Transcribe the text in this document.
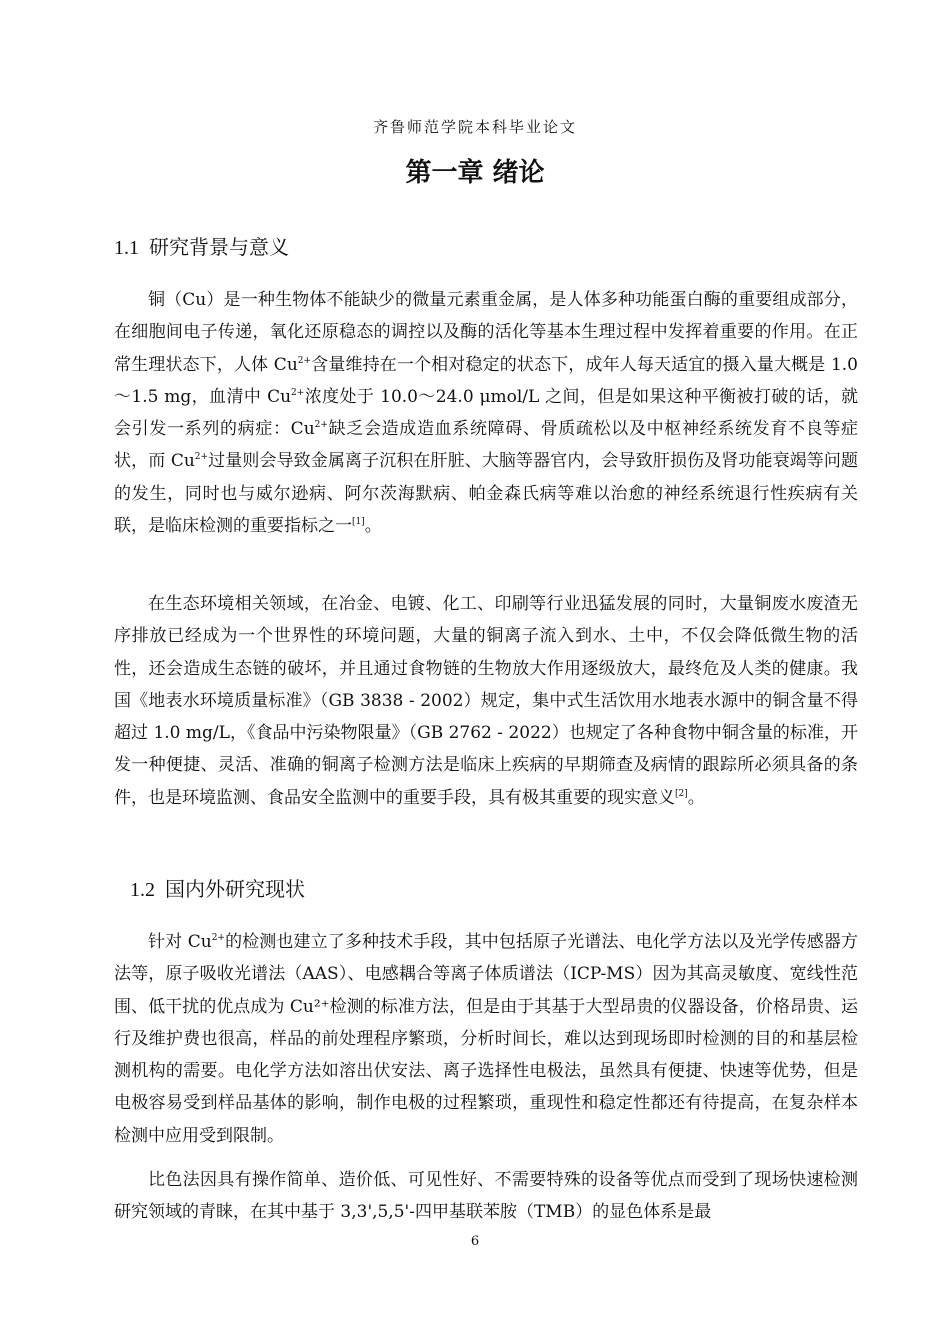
齐鲁师范学院本科毕业论文
第一章 绪论
1.1 研究背景与意义
铜（Cu）是一种生物体不能缺少的微量元素重金属，是人体多种功能蛋白酶的重要组成部分，在细胞间电子传递，氧化还原稳态的调控以及酶的活化等基本生理过程中发挥着重要的作用。在正常生理状态下，人体 $Cu^{2+}$含量维持在一个相对稳定的状态下，成年人每天适宜的摄入量大概是 1.0～1.5 mg，血清中 $Cu^{2+}$浓度处于 10.0～24.0 μmol/L 之间，但是如果这种平衡被打破的话，就会引发一系列的病症：$Cu^{2+}$缺乏会造成造血系统障碍、骨质疏松以及中枢神经系统发育不良等症状，而 $Cu^{2+}$过量则会导致金属离子沉积在肝脏、大脑等器官内，会导致肝损伤及肾功能衰竭等问题的发生，同时也与威尔逊病、阿尔茨海默病、帕金森氏病等难以治愈的神经系统退行性疾病有关联，是临床检测的重要指标之一[1]。
在生态环境相关领域，在冶金、电镀、化工、印刷等行业迅猛发展的同时，大量铜废水废渣无序排放已经成为一个世界性的环境问题，大量的铜离子流入到水、土中，不仅会降低微生物的活性，还会造成生态链的破坏，并且通过食物链的生物放大作用逐级放大，最终危及人类的健康。我国《地表水环境质量标准》（GB 3838 - 2002）规定，集中式生活饮用水地表水源中的铜含量不得超过 1.0 mg/L，《食品中污染物限量》（GB 2762 - 2022）也规定了各种食物中铜含量的标准，开发一种便捷、灵活、准确的铜离子检测方法是临床上疾病的早期筛查及病情的跟踪所必须具备的条件，也是环境监测、食品安全监测中的重要手段，具有极其重要的现实意义[2]。
1.2 国内外研究现状
针对 $Cu^{2+}$的检测也建立了多种技术手段，其中包括原子光谱法、电化学方法以及光学传感器方法等，原子吸收光谱法（AAS）、电感耦合等离子体质谱法（ICP-MS）因为其高灵敏度、宽线性范围、低干扰的优点成为 Cu²⁺检测的标准方法，但是由于其基于大型昂贵的仪器设备，价格昂贵、运行及维护费也很高，样品的前处理程序繁琐，分析时间长，难以达到现场即时检测的目的和基层检测机构的需要。电化学方法如溶出伏安法、离子选择性电极法，虽然具有便捷、快速等优势，但是电极容易受到样品基体的影响，制作电极的过程繁琐，重现性和稳定性都还有待提高，在复杂样本检测中应用受到限制。
比色法因具有操作简单、造价低、可见性好、不需要特殊的设备等优点而受到了现场快速检测研究领域的青睐，在其中基于 3,3',5,5'-四甲基联苯胺（TMB）的显色体系是最
6
